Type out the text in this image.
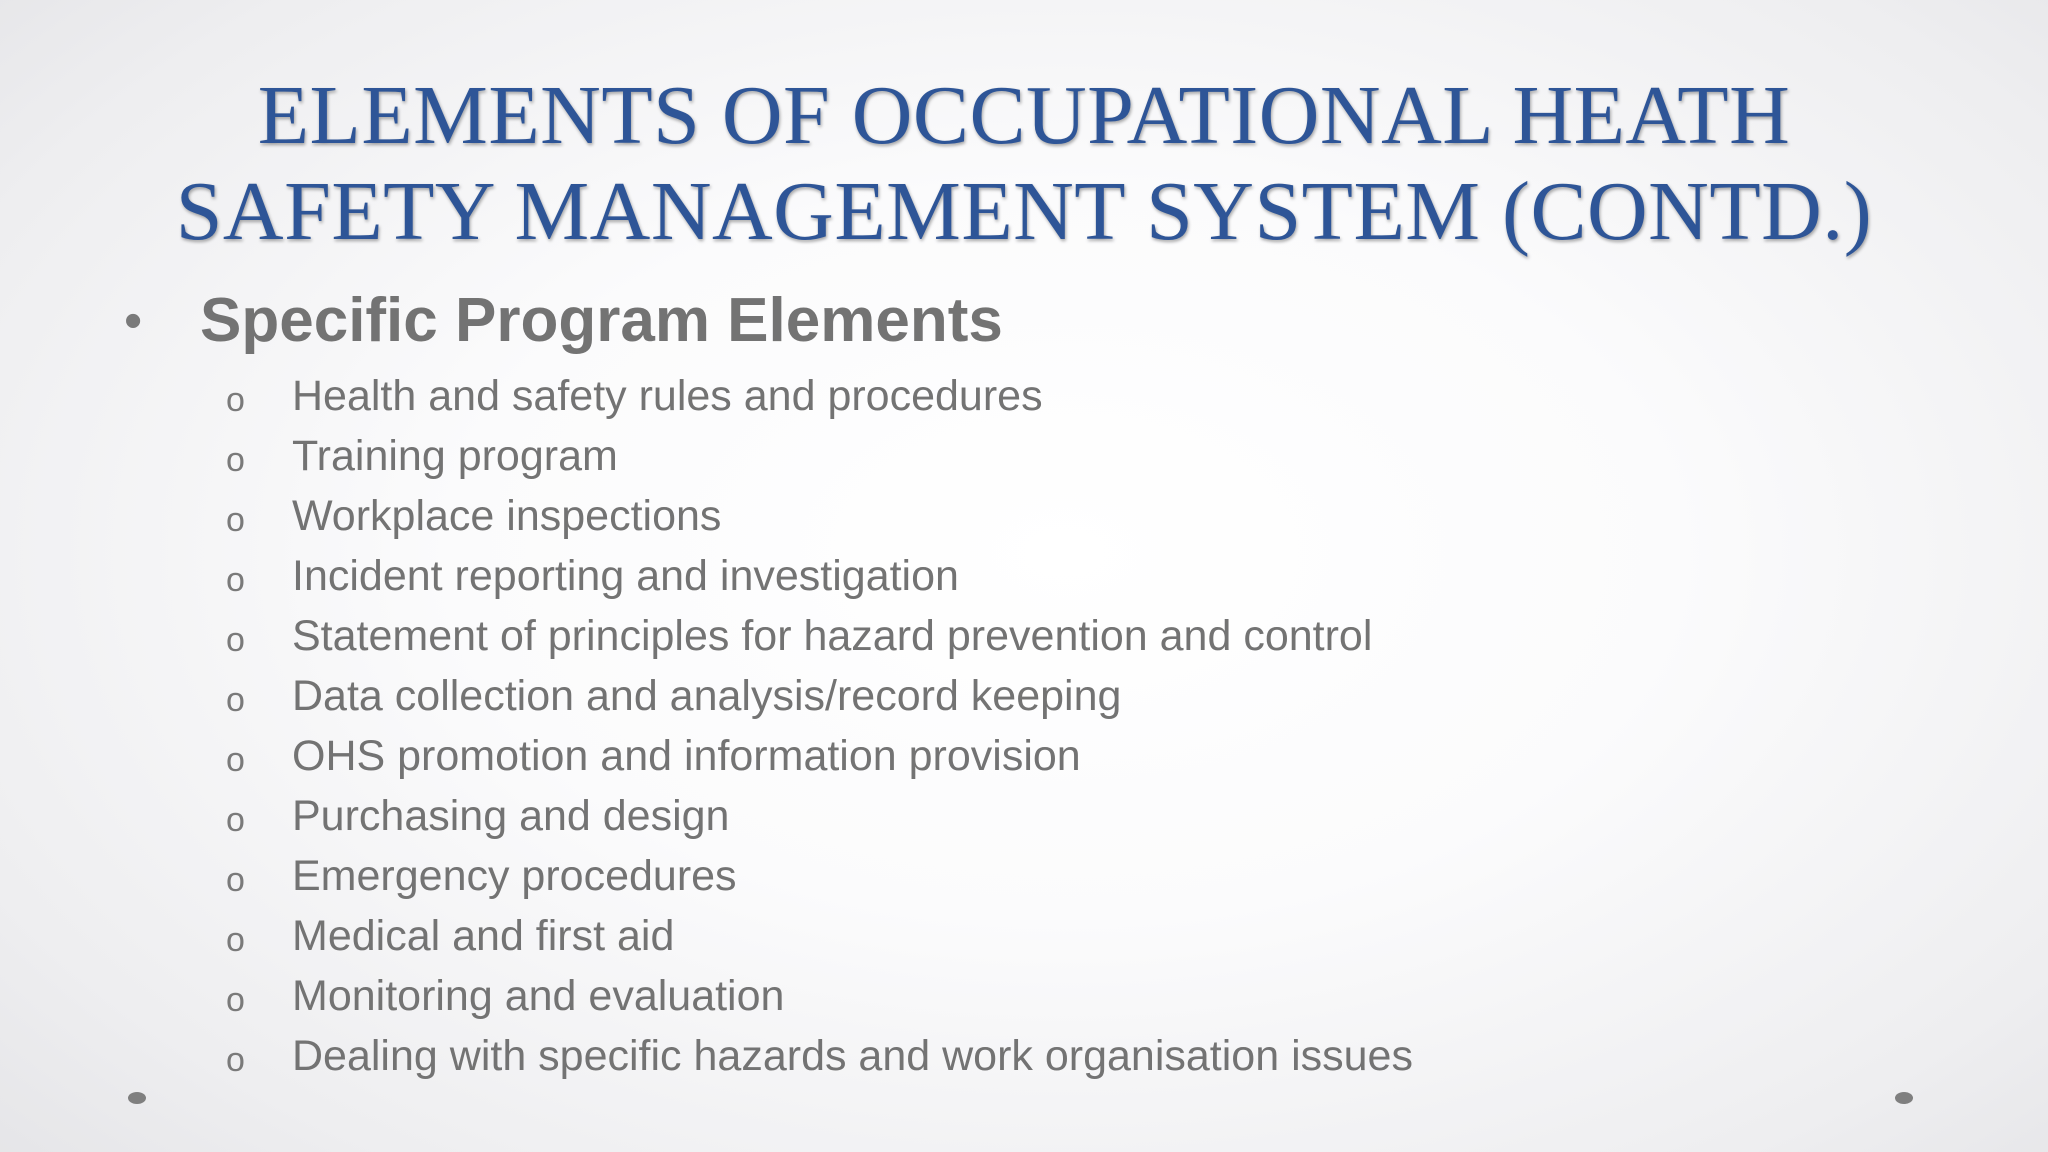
ELEMENTS OF OCCUPATIONAL HEATH
SAFETY MANAGEMENT SYSTEM (CONTD.)
• Specific Program Elements
o	Health and safety rules and procedures
o	Training program
o	Workplace inspections
o	Incident reporting and investigation
o	Statement of principles for hazard prevention and control
o	Data collection and analysis/record keeping
o	OHS promotion and information provision
o	Purchasing and design
o	Emergency procedures
o	Medical and first aid
o	Monitoring and evaluation
o	Dealing with specific hazards and work organisation issues
